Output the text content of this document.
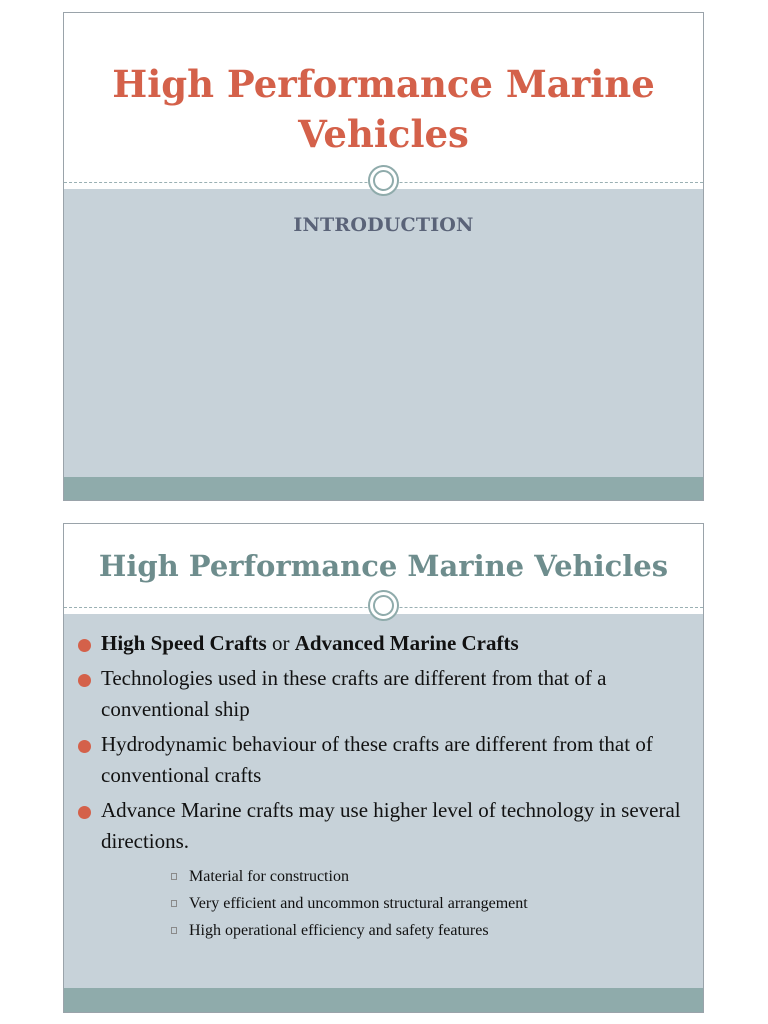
High Performance Marine
Vehicles
INTRODUCTION
High Performance Marine Vehicles
High Speed Crafts or Advanced Marine Crafts
Technologies used in these crafts are different from that of a conventional ship
Hydrodynamic behaviour of these crafts are different from that of conventional crafts
Advance Marine crafts may use higher level of technology in several directions.
Material for construction
Very efficient and uncommon structural arrangement
High operational efficiency and safety features
